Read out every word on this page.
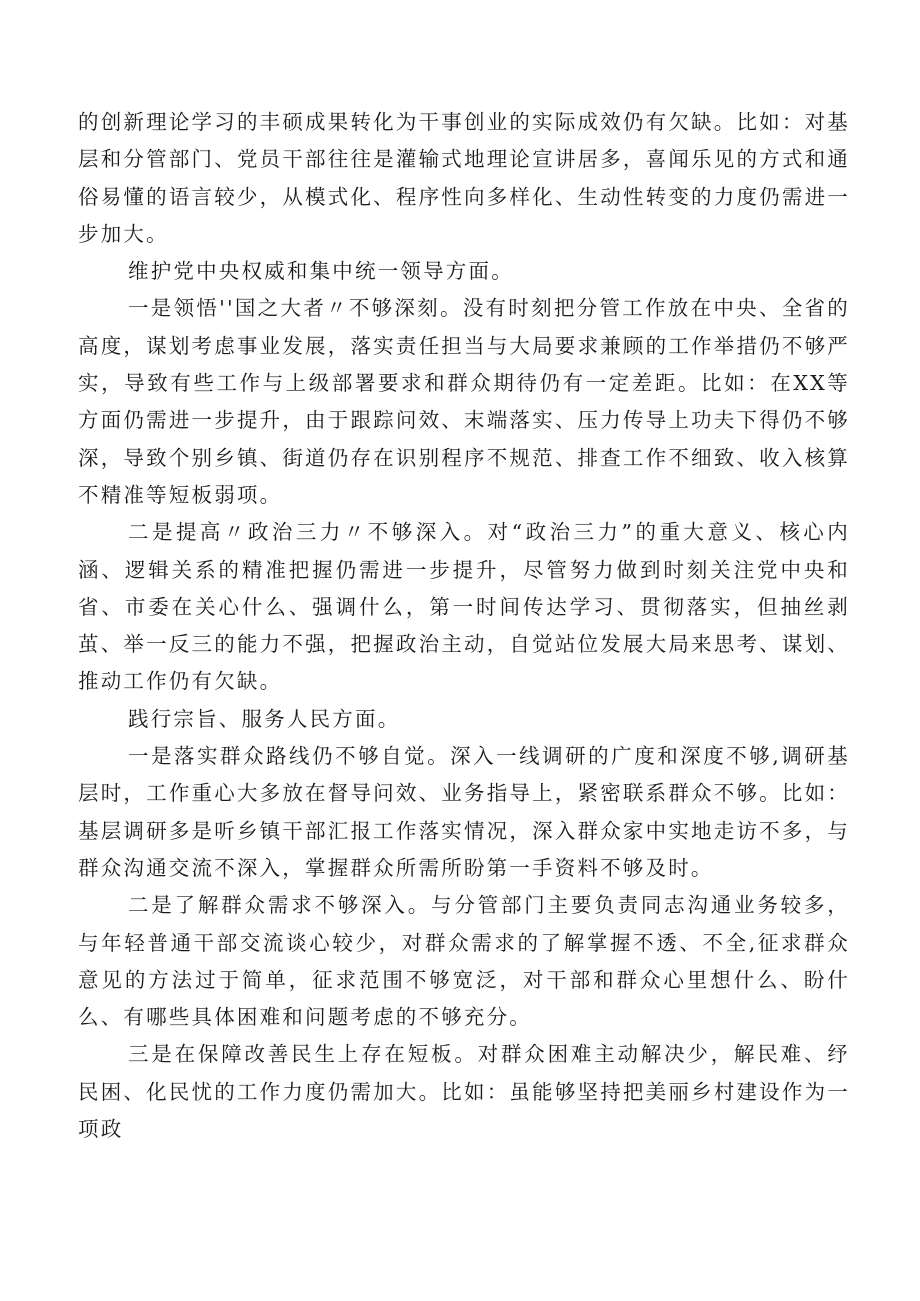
的创新理论学习的丰硕成果转化为干事创业的实际成效仍有欠缺。比如：对基层和分管部门、党员干部往往是灌输式地理论宣讲居多，喜闻乐见的方式和通俗易懂的语言较少，从模式化、程序性向多样化、生动性转变的力度仍需进一步加大。

维护党中央权威和集中统一领导方面。

一是领悟''国之大者〃不够深刻。没有时刻把分管工作放在中央、全省的高度，谋划考虑事业发展，落实责任担当与大局要求兼顾的工作举措仍不够严实，导致有些工作与上级部署要求和群众期待仍有一定差距。比如：在XX等方面仍需进一步提升，由于跟踪问效、末端落实、压力传导上功夫下得仍不够深，导致个别乡镇、街道仍存在识别程序不规范、排查工作不细致、收入核算不精准等短板弱项。

二是提高〃政治三力〃不够深入。对“政治三力”的重大意义、核心内涵、逻辑关系的精准把握仍需进一步提升，尽管努力做到时刻关注党中央和省、市委在关心什么、强调什么，第一时间传达学习、贯彻落实，但抽丝剥茧、举一反三的能力不强，把握政治主动，自觉站位发展大局来思考、谋划、推动工作仍有欠缺。

践行宗旨、服务人民方面。

一是落实群众路线仍不够自觉。深入一线调研的广度和深度不够,调研基层时，工作重心大多放在督导问效、业务指导上，紧密联系群众不够。比如：基层调研多是听乡镇干部汇报工作落实情况，深入群众家中实地走访不多，与群众沟通交流不深入，掌握群众所需所盼第一手资料不够及时。

二是了解群众需求不够深入。与分管部门主要负责同志沟通业务较多，与年轻普通干部交流谈心较少，对群众需求的了解掌握不透、不全,征求群众意见的方法过于简单，征求范围不够宽泛，对干部和群众心里想什么、盼什么、有哪些具体困难和问题考虑的不够充分。

三是在保障改善民生上存在短板。对群众困难主动解决少，解民难、纾民困、化民忧的工作力度仍需加大。比如：虽能够坚持把美丽乡村建设作为一项政
